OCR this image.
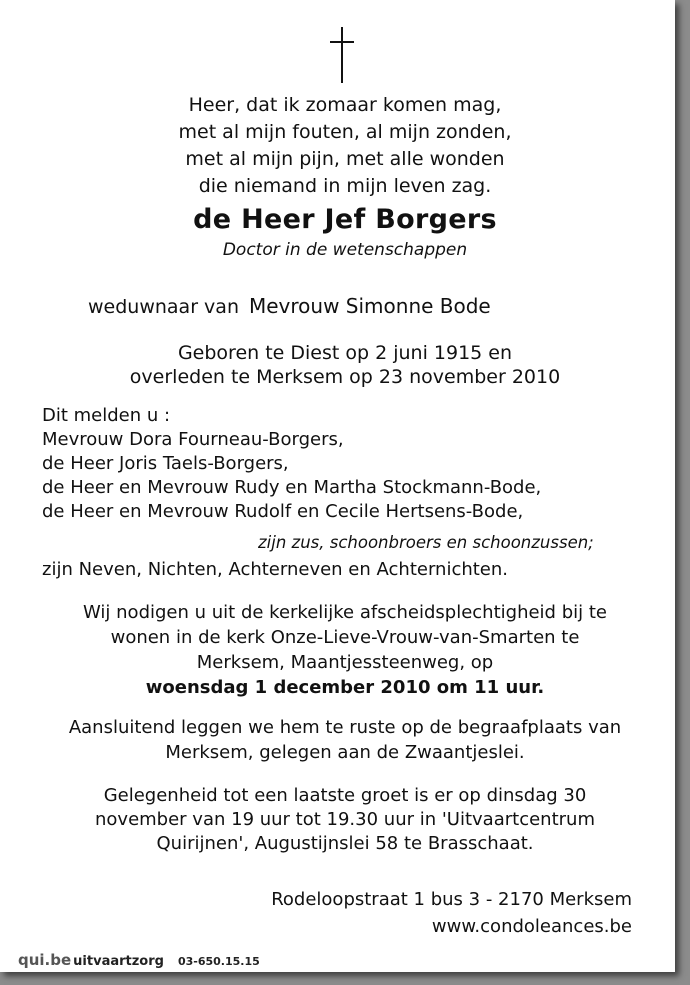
Heer, dat ik zomaar komen mag,
met al mijn fouten, al mijn zonden,
met al mijn pijn, met alle wonden
die niemand in mijn leven zag.
de Heer Jef Borgers
Doctor in de wetenschappen
weduwnaar van Mevrouw Simonne Bode
Geboren te Diest op 2 juni 1915 en
overleden te Merksem op 23 november 2010
Dit melden u :
Mevrouw Dora Fourneau-Borgers,
de Heer Joris Taels-Borgers,
de Heer en Mevrouw Rudy en Martha Stockmann-Bode,
de Heer en Mevrouw Rudolf en Cecile Hertsens-Bode,
zijn zus, schoonbroers en schoonzussen;
zijn Neven, Nichten, Achterneven en Achternichten.
Wij nodigen u uit de kerkelijke afscheidsplechtigheid bij te
wonen in de kerk Onze-Lieve-Vrouw-van-Smarten te
Merksem, Maantjessteenweg, op
woensdag 1 december 2010 om 11 uur.
Aansluitend leggen we hem te ruste op de begraafplaats van
Merksem, gelegen aan de Zwaantjeslei.
Gelegenheid tot een laatste groet is er op dinsdag 30
november van 19 uur tot 19.30 uur in 'Uitvaartcentrum
Quirijnen', Augustijnslei 58 te Brasschaat.
Rodeloopstraat 1 bus 3 - 2170 Merksem
www.condoleances.be
qui.be uitvaartzorg 03-650.15.15
